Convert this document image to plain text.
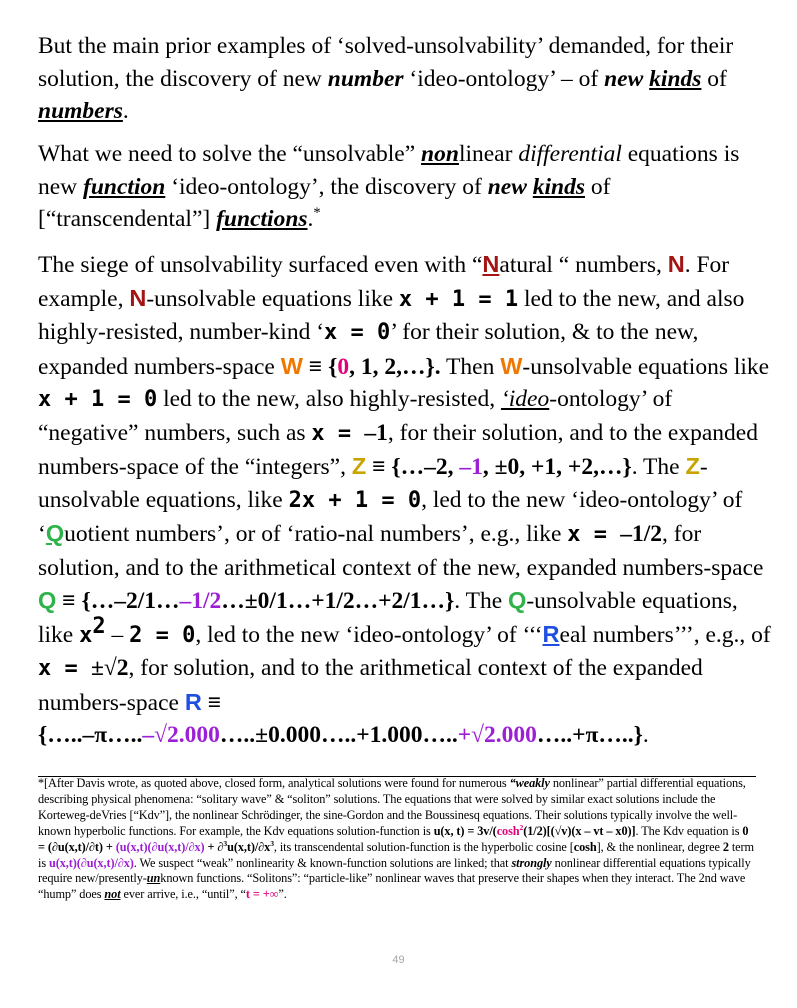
But the main prior examples of ‘solved-unsolvability’ demanded, for their solution, the discovery of new number ‘ideo-ontology’ – of new kinds of numbers.

What we need to solve the “unsolvable” nonlinear differential equations is new function ‘ideo-ontology’, the discovery of new kinds of [“transcendental”] functions.*

The siege of unsolvability surfaced even with “Natural “ numbers, N. For example, N-unsolvable equations like x + 1 = 1 led to the new, and also highly-resisted, number-kind ‘x = 0’ for their solution, & to the new, expanded numbers-space W ≡ {0, 1, 2,…}. Then W-unsolvable equations like x + 1 = 0 led to the new, also highly-resisted, ‘ideo-ontology’ of “negative” numbers, such as x = –1, for their solution, and to the expanded numbers-space of the “integers”, Z ≡ {…–2, –1, ±0, +1, +2,…}. The Z-unsolvable equations, like 2x + 1 = 0, led to the new ‘ideo-ontology’ of ‘Quotient numbers’, or of ‘ratio-nal numbers’, e.g., like x = –1/2, for solution, and to the arithmetical context of the new, expanded numbers-space Q ≡ {…–2/1…–1/2…±0/1…+1/2…+2/1…}. The Q-unsolvable equations, like $x^2 - 2 = 0$, led to the new ‘ideo-ontology’ of ‘‘‘Real numbers’’’, e.g., of x = ±√2, for solution, and to the arithmetical context of the expanded numbers-space R ≡
{…..–π…..–√2.000…..±0.000…..+1.000…..+√2.000…..+π…..}.

*[After Davis wrote, as quoted above, closed form, analytical solutions were found for numerous “weakly nonlinear” partial differential equations, describing physical phenomena: “solitary wave” & “soliton” solutions. The equations that were solved by similar exact solutions include the Korteweg-deVries [“Kdv”], the nonlinear Schrödinger, the sine-Gordon and the Boussinesq equations. Their solutions typically involve the well-known hyperbolic functions. For example, the Kdv equations solution-function is u(x, $t) = 3v/(\cosh^2(1/2)[(√v)(x$ – vt – x0)]. The Kdv equation is $0 = (\partial u(x,t)/\partial t) + (u(x,t)(\partial u(x,t)/\partial x) + \partial^3u(x,t)/\partial x^3$, its transcendental solution-function is the hyperbolic cosine [cosh], & the nonlinear, degree 2 term is u(x,t)(∂u(x,t)/∂x). We suspect “weak” nonlinearity & known-function solutions are linked; that strongly nonlinear differential equations typically require new/presently-unknown functions. “Solitons”: “particle-like” nonlinear waves that preserve their shapes when they interact. The 2nd wave “hump” does not ever arrive, i.e., “until”, “t = +∞”.

49
